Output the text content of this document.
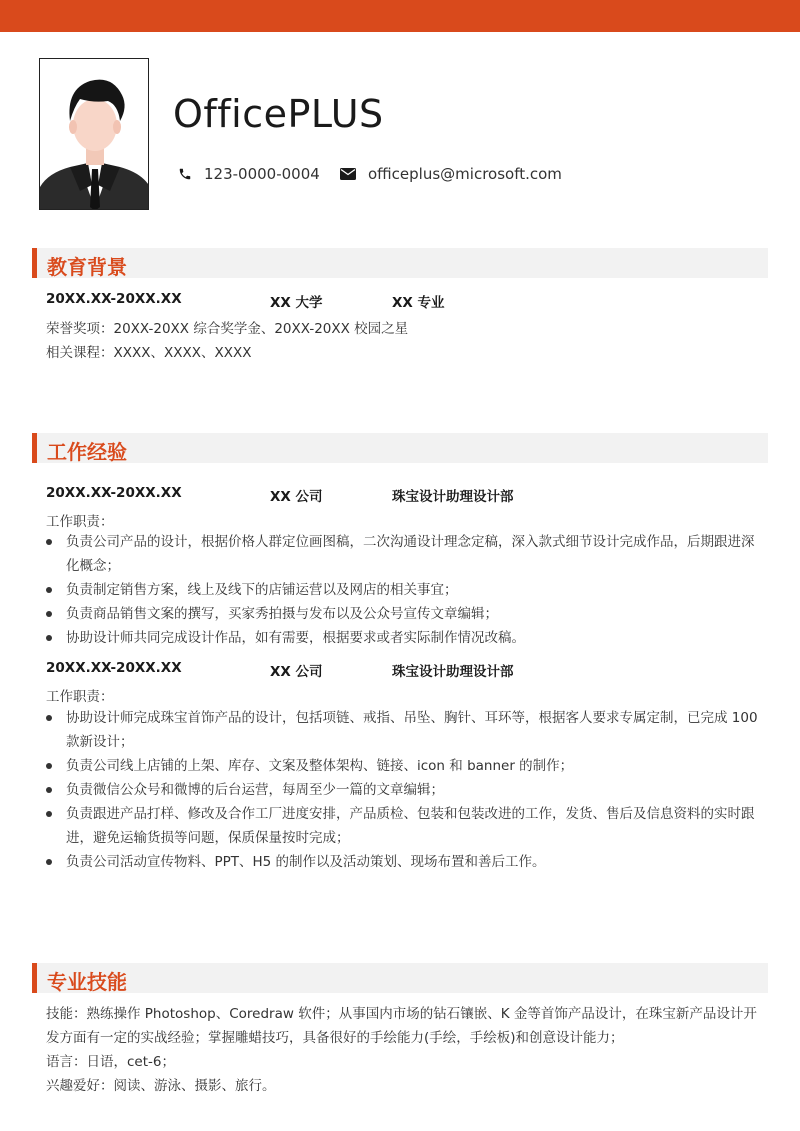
OfficePLUS
123-0000-0004	officeplus@microsoft.com
教育背景
20XX.XX-20XX.XX	XX 大学	XX 专业
荣誉奖项：20XX-20XX 综合奖学金、20XX-20XX 校园之星
相关课程：XXXX、XXXX、XXXX
工作经验
20XX.XX-20XX.XX	XX 公司	珠宝设计助理设计部
工作职责：
负责公司产品的设计，根据价格人群定位画图稿，二次沟通设计理念定稿，深入款式细节设计完成作品，后期跟进深化概念；
负责制定销售方案，线上及线下的店铺运营以及网店的相关事宜；
负责商品销售文案的撰写，买家秀拍摄与发布以及公众号宣传文章编辑；
协助设计师共同完成设计作品，如有需要，根据要求或者实际制作情况改稿。
20XX.XX-20XX.XX	XX 公司	珠宝设计助理设计部
工作职责：
协助设计师完成珠宝首饰产品的设计，包括项链、戒指、吊坠、胸针、耳环等，根据客人要求专属定制，已完成 100 款新设计；
负责公司线上店铺的上架、库存、文案及整体架构、链接、icon 和 banner 的制作；
负责微信公众号和微博的后台运营，每周至少一篇的文章编辑；
负责跟进产品打样、修改及合作工厂进度安排，产品质检、包装和包装改进的工作，发货、售后及信息资料的实时跟进，避免运输货损等问题，保质保量按时完成；
负责公司活动宣传物料、PPT、H5 的制作以及活动策划、现场布置和善后工作。
专业技能
技能：熟练操作 Photoshop、Coredraw 软件；从事国内市场的钻石镶嵌、K 金等首饰产品设计，在珠宝新产品设计开发方面有一定的实战经验；掌握雕蜡技巧，具备很好的手绘能力(手绘，手绘板)和创意设计能力；
语言：日语，cet-6；
兴趣爱好：阅读、游泳、摄影、旅行。
